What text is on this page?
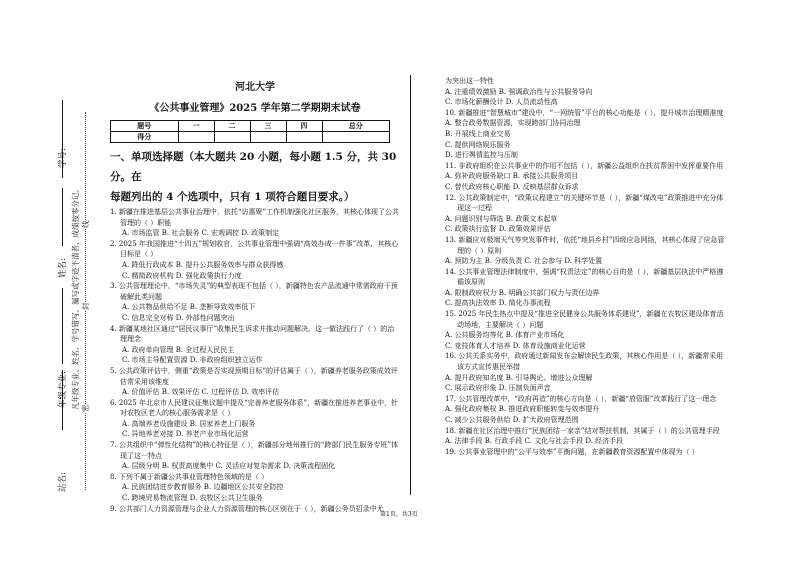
学号:
姓名:
年级专业:
站名:
凡年级专业、姓名、学号错写、漏写或字迹不清者，成绩按零分记。 线
封
密
河北大学
《公共事业管理》2025 学年第二学期期末试卷
题号	一	二	三	四	总分
得分					
一、单项选择题（本大题共 20 小题，每小题 1.5 分，共 30 分。在
每题列出的 4 个选项中，只有 1 项符合题目要求。）
1. 新疆在推进基层公共事业治理中，依托“访惠聚”工作机制强化社区服务，其核心体现了公共管理的（ ）职能
A. 市场监管 B. 社会服务 C. 宏观调控 D. 政策制定
2. 2025 年我国推进“十四五”规划收官，公共事业管理中强调“高效办成一件事”改革，其核心目标是（ ）
A. 降低行政成本 B. 提升公共服务效率与群众获得感
C. 精简政府机构 D. 强化政策执行力度
3. 公共管理理论中，“市场失灵”的典型表现不包括（ ），新疆特色农产品流通中常需政府干预破解此类问题
A. 公共物品供给不足 B. 垄断导致效率低下
C. 信息完全对称 D. 外部性问题突出
4. 新疆某地社区通过“居民议事厅”收集民生诉求并推动问题解决，这一做法践行了（ ）的治理理念
A. 政府单向管理 B. 全过程人民民主
C. 市场主导配置资源 D. 非政府组织独立运作
5. 公共政策评估中，侧重“政策是否实现预期目标”的评估属于（ ），新疆养老服务政策成效评估常采用该维度
A. 价值评估 B. 效果评估 C. 过程评估 D. 效率评估
6. 2025 年北京市人民建议征集议题中提及“完善养老服务体系”，新疆在推进养老事业中，针对农牧区老人的核心服务需求是（ ）
A. 高端养老设施建设 B. 居家养老上门服务
C. 异地养老对接 D. 养老产业市场化运营
7. 公共组织中“弹性化结构”的核心特征是（ ），新疆部分地州推行的“跨部门民生服务专班”体现了这一特点
A. 层级分明 B. 权责高度集中 C. 灵活应对复杂需求 D. 决策流程固化
8. 下列不属于新疆公共事业管理特色领域的是（ ）
A. 民族团结进步教育服务 B. 边疆地区公共安全防控
C. 跨境贸易物流管理 D. 农牧区公共卫生服务
9. 公共部门人力资源管理与企业人力资源管理的核心区别在于（ ），新疆公务员招录中尤
为突出这一特性
A. 注重绩效激励 B. 强调政治性与公共服务导向
C. 市场化薪酬设计 D. 人员流动性高
10. 新疆推进“智慧城市”建设中，“一网统管”平台的核心功能是（ ），提升城市治理精准度
A. 整合政务数据资源，实现跨部门协同治理
B. 开展线上商业交易
C. 提供网络娱乐服务
D. 进行舆情监控与压制
11. 非政府组织在公共事业中的作用不包括（ ），新疆公益组织在扶贫帮困中发挥重要作用
A. 弥补政府服务缺口 B. 承接公共服务项目
C. 替代政府核心职能 D. 反映基层群众诉求
12. 公共政策制定中，“政策议程建立”的关键环节是（ ），新疆“煤改电”政策推进中充分体现这一过程
A. 问题识别与筛选 B. 政策文本起草
C. 政策执行监督 D. 政策效果评估
13. 新疆应对极端天气等突发事件时，依托“地县乡村”四级应急网络，其核心体现了应急管理的（ ）原则
A. 预防为主 B. 分级负责 C. 社会参与 D. 科学处置
14. 公共事业管理法律制度中，强调“权责法定”的核心目的是（ ），新疆基层执法中严格遵循该原则
A. 限制政府权力 B. 明确公共部门权力与责任边界
C. 提高执法效率 D. 简化办事流程
15. 2025 年民生热点中提及“推进全民健身公共服务体系建设”，新疆在农牧区建设体育活动场地，主要解决（ ）问题
A. 公共服务均等化 B. 体育产业市场化
C. 竞技体育人才培养 D. 体育设施商业化运营
16. 公共关系实务中，政府通过新闻发布会解读民生政策，其核心作用是（ ），新疆常采用该方式宣传惠民举措
A. 提升政府知名度 B. 引导舆论、增进公众理解
C. 展示政府形象 D. 压制负面声音
17. 公共管理改革中，“政府再造”的核心方向是（ ），新疆“放管服”改革践行了这一理念
A. 强化政府集权 B. 推进政府职能转变与效率提升
C. 减少公共服务供给 D. 扩大政府管理范围
18. 新疆在社区治理中推行“民族团结一家亲”结对帮扶机制，其属于（ ）的公共管理手段
A. 法律手段 B. 行政手段 C. 文化与社会手段 D. 经济手段
19. 公共事业管理中的“公平与效率”平衡问题，在新疆教育资源配置中体现为（ ）
第1页，共3页
